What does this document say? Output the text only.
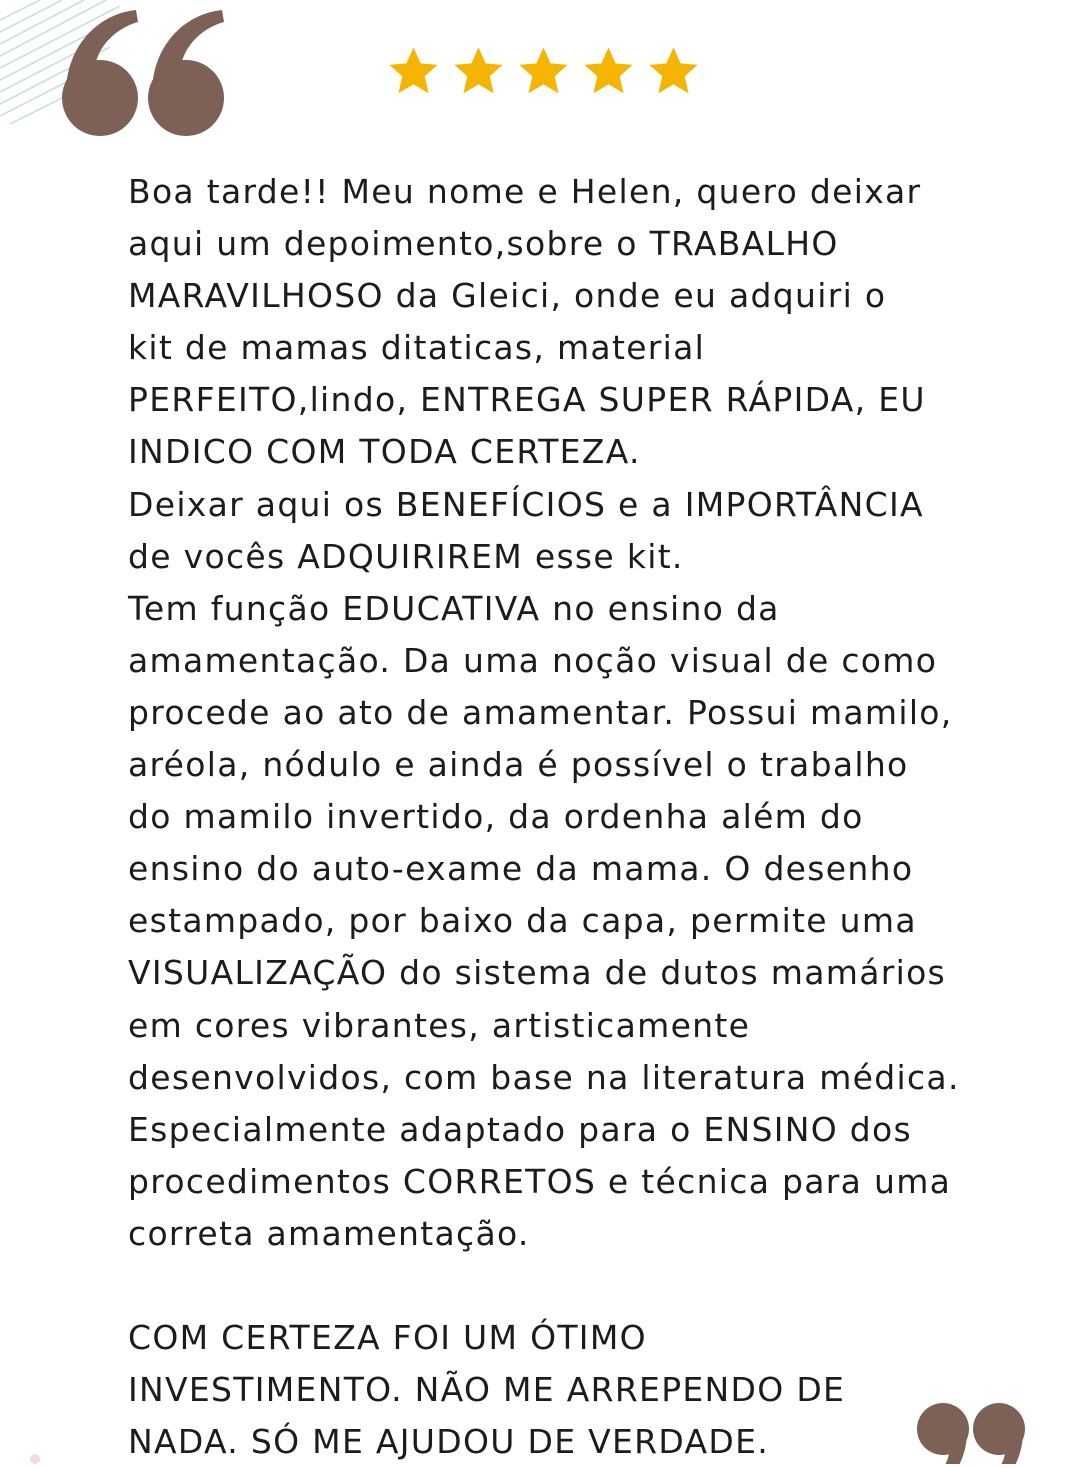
Boa tarde!! Meu nome e Helen, quero deixar
aqui um depoimento,sobre o TRABALHO
MARAVILHOSO da Gleici, onde eu adquiri o
kit de mamas ditaticas, material
PERFEITO,lindo, ENTREGA SUPER RÁPIDA, EU
INDICO COM TODA CERTEZA.

Deixar aqui os BENEFÍCIOS e a IMPORTÂNCIA
de vocês ADQUIRIREM esse kit.

Tem função EDUCATIVA no ensino da
amamentação. Da uma noção visual de como
procede ao ato de amamentar. Possui mamilo,
aréola, nódulo e ainda é possível o trabalho
do mamilo invertido, da ordenha além do
ensino do auto-exame da mama. O desenho
estampado, por baixo da capa, permite uma
VISUALIZAÇÃO do sistema de dutos mamários
em cores vibrantes, artisticamente
desenvolvidos, com base na literatura médica.
Especialmente adaptado para o ENSINO dos
procedimentos CORRETOS e técnica para uma
correta amamentação.

COM CERTEZA FOI UM ÓTIMO
INVESTIMENTO. NÃO ME ARREPENDO DE
NADA. SÓ ME AJUDOU DE VERDADE.
